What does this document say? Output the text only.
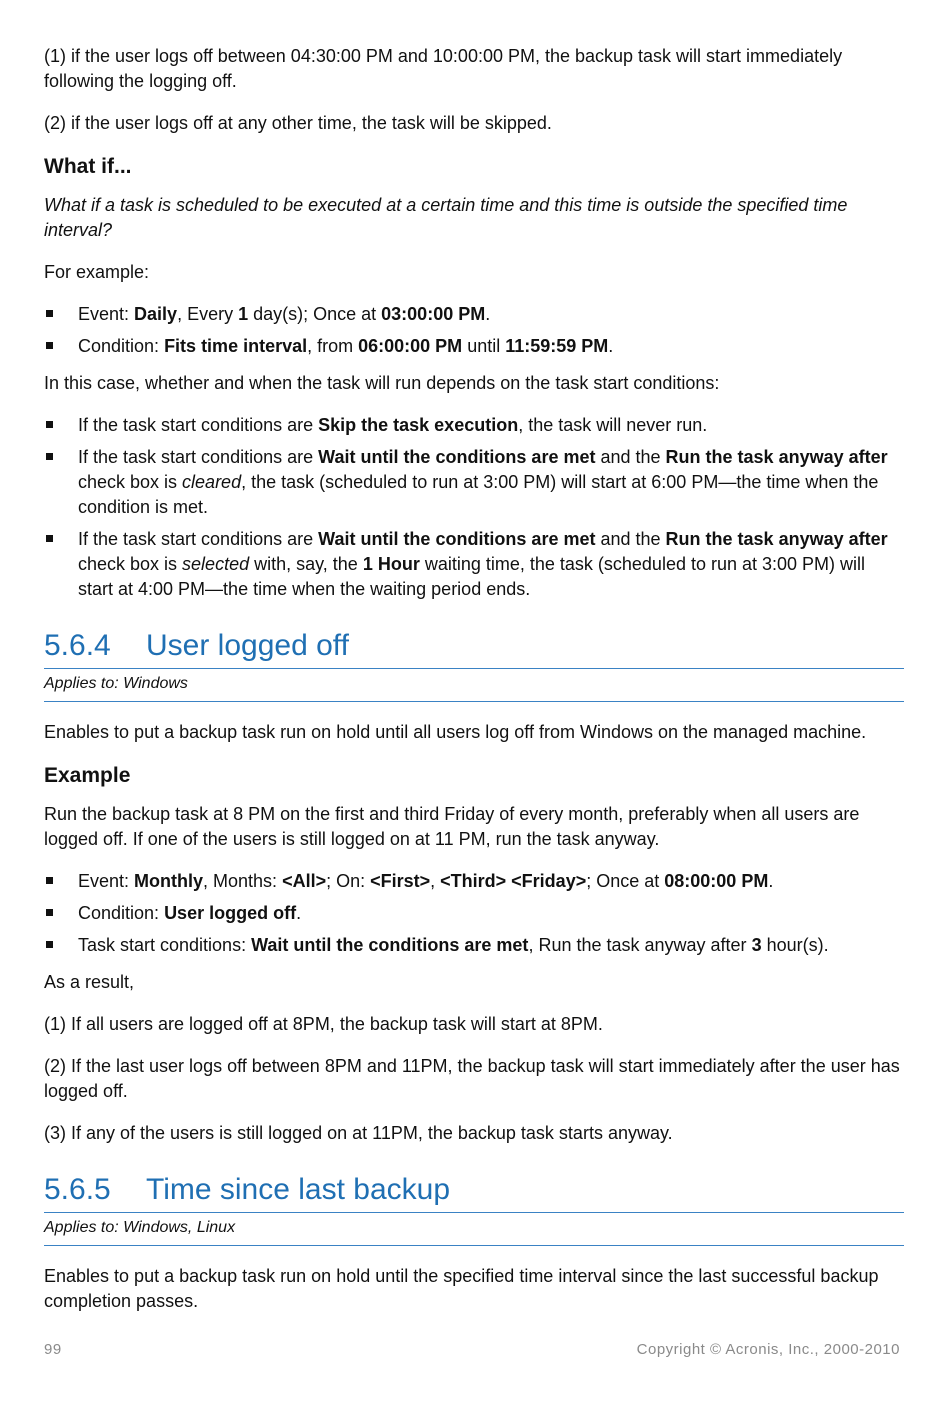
(1) if the user logs off between 04:30:00 PM and 10:00:00 PM, the backup task will start immediately following the logging off.

(2) if the user logs off at any other time, the task will be skipped.

What if...

What if a task is scheduled to be executed at a certain time and this time is outside the specified time interval?

For example:

Event: Daily, Every 1 day(s); Once at 03:00:00 PM.
Condition: Fits time interval, from 06:00:00 PM until 11:59:59 PM.

In this case, whether and when the task will run depends on the task start conditions:

If the task start conditions are Skip the task execution, the task will never run.
If the task start conditions are Wait until the conditions are met and the Run the task anyway after check box is cleared, the task (scheduled to run at 3:00 PM) will start at 6:00 PM—the time when the condition is met.
If the task start conditions are Wait until the conditions are met and the Run the task anyway after check box is selected with, say, the 1 Hour waiting time, the task (scheduled to run at 3:00 PM) will start at 4:00 PM—the time when the waiting period ends.
5.6.4	User logged off
Applies to: Windows

Enables to put a backup task run on hold until all users log off from Windows on the managed machine.

Example

Run the backup task at 8 PM on the first and third Friday of every month, preferably when all users are logged off. If one of the users is still logged on at 11 PM, run the task anyway.

Event: Monthly, Months: <All>; On: <First>, <Third> <Friday>; Once at 08:00:00 PM.
Condition: User logged off.
Task start conditions: Wait until the conditions are met, Run the task anyway after 3 hour(s).

As a result,

(1) If all users are logged off at 8PM, the backup task will start at 8PM.

(2) If the last user logs off between 8PM and 11PM, the backup task will start immediately after the user has logged off.

(3) If any of the users is still logged on at 11PM, the backup task starts anyway.

5.6.5	Time since last backup
Applies to: Windows, Linux

Enables to put a backup task run on hold until the specified time interval since the last successful backup completion passes.

99	Copyright © Acronis, Inc., 2000-2010
